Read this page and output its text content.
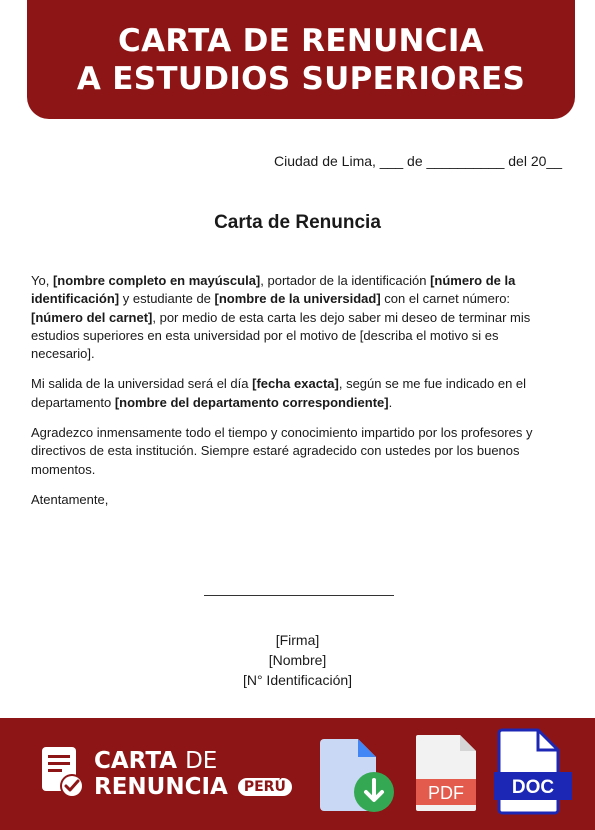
CARTA DE RENUNCIA
A ESTUDIOS SUPERIORES
Ciudad de Lima, ___ de __________ del 20__
Carta de Renuncia

Yo, [nombre completo en mayúscula], portador de la identificación [número de la identificación] y estudiante de [nombre de la universidad] con el carnet número: [número del carnet], por medio de esta carta les dejo saber mi deseo de terminar mis estudios superiores en esta universidad por el motivo de [describa el motivo si es necesario].

Mi salida de la universidad será el día [fecha exacta], según se me fue indicado en el departamento [nombre del departamento correspondiente].

Agradezco inmensamente todo el tiempo y conocimiento impartido por los profesores y directivos de esta institución. Siempre estaré agradecido con ustedes por los buenos momentos.

Atentamente,

[Firma]
[Nombre]
[N° Identificación]
CARTA DE
RENUNCIA PERÚ	PDF	DOC
